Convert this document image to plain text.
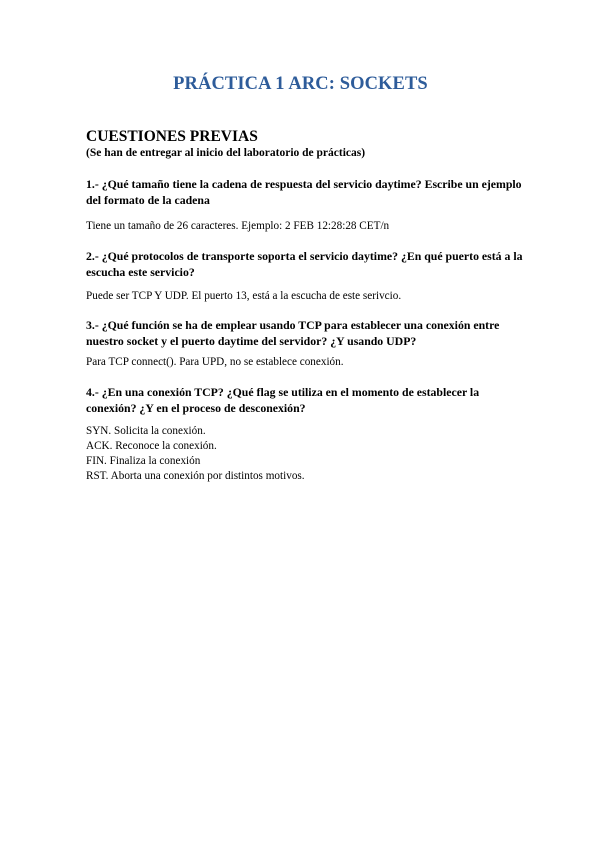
PRÁCTICA 1 ARC: SOCKETS
CUESTIONES PREVIAS
(Se han de entregar al inicio del laboratorio de prácticas)
1.- ¿Qué tamaño tiene la cadena de respuesta del servicio daytime? Escribe un ejemplo del formato de la cadena
Tiene un tamaño de 26 caracteres. Ejemplo: 2 FEB 12:28:28 CET/n
2.- ¿Qué protocolos de transporte soporta el servicio daytime? ¿En qué puerto está a la escucha este servicio?
Puede ser TCP Y UDP. El puerto 13, está a la escucha de este serivcio.
3.- ¿Qué función se ha de emplear usando TCP para establecer una conexión entre nuestro socket y el puerto daytime del servidor? ¿Y usando UDP?
Para TCP connect(). Para UPD, no se establece conexión.
4.- ¿En una conexión TCP? ¿Qué flag se utiliza en el momento de establecer la conexión? ¿Y en el proceso de desconexión?
SYN. Solicita la conexión.
ACK. Reconoce la conexión.
FIN. Finaliza la conexión
RST. Aborta una conexión por distintos motivos.
